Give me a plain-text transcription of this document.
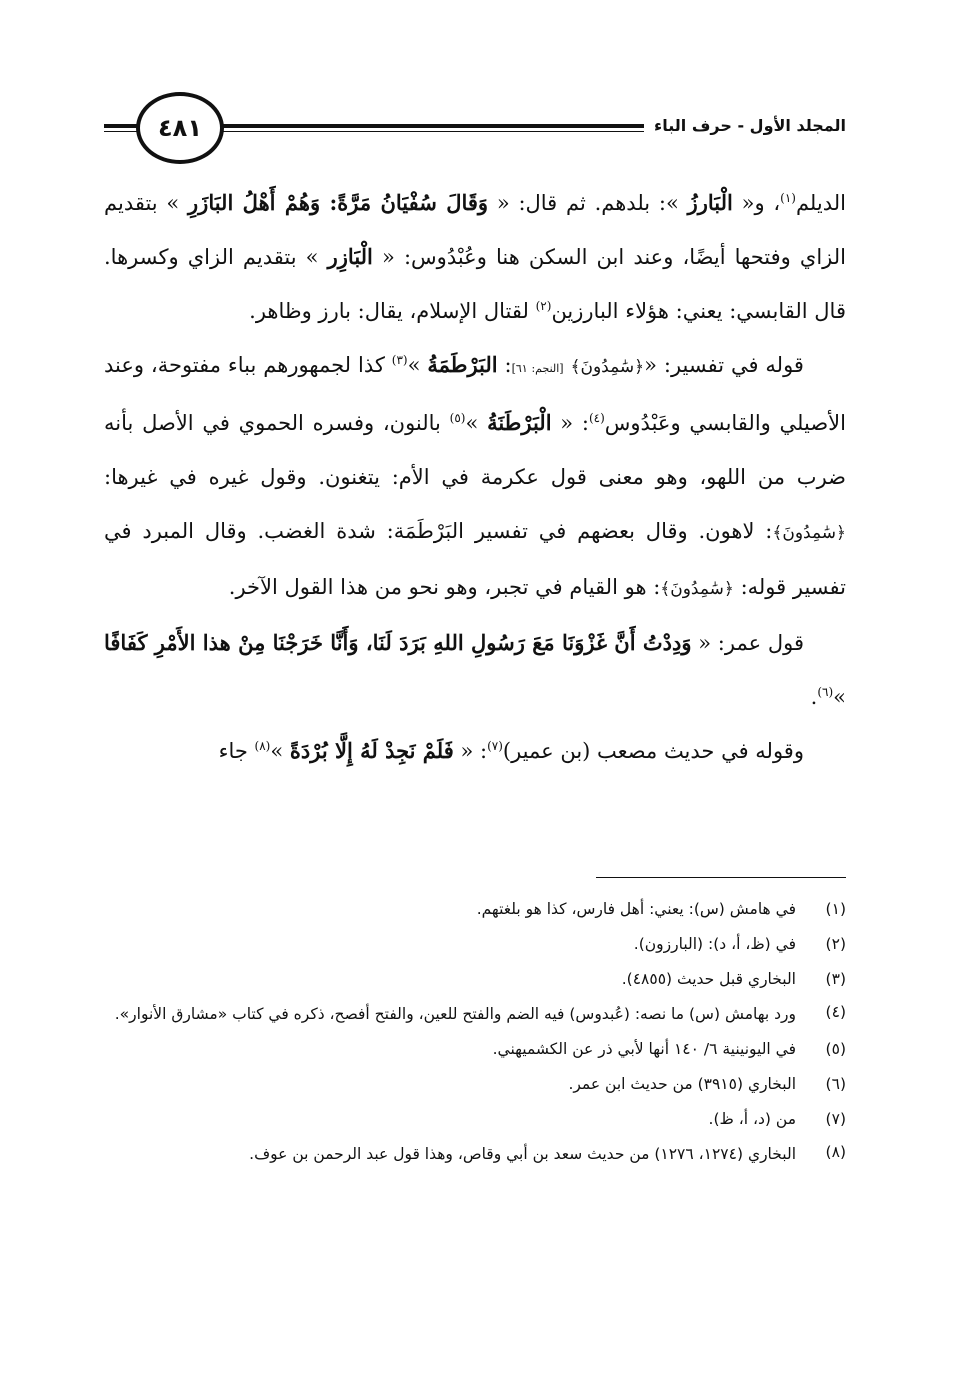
المجلد الأول - حرف الباء
٤٨١

الديلم$^{(١)}$، و« الْبَارزُ »: بلدهم. ثم قال: « وَقَالَ سُفْيَانُ مَرَّةً: وَهُمْ أَهْلُ البَازَرِ » بتقديم الزاي وفتحها أيضًا، وعند ابن السكن هنا وعُبْدُوس: « الْبَازِر » بتقديم الزاي وكسرها. قال القابسي: يعني: هؤلاء البارزين$^{(٢)}$ لقتال الإسلام، يقال: بارز وظاهر.

قوله في تفسير: «﴿سَٰمِدُونَ﴾ [النجم: ٦١]: البَرْطَمَةُ »$^{(٣)}$ كذا لجمهورهم بباء مفتوحة، وعند الأصيلي والقابسي وعَبْدُوس$^{(٤)}$: « الْبَرْطَنَةُ »$^{(٥)}$ بالنون، وفسره الحموي في الأصل بأنه ضرب من اللهو، وهو معنى قول عكرمة في الأم: يتغنون. وقول غيره في غيرها: ﴿سَٰمِدُونَ﴾: لاهون. وقال بعضهم في تفسير البَرْطَمَة: شدة الغضب. وقال المبرد في تفسير قوله: ﴿سَٰمِدُونَ﴾: هو القيام في تجبر، وهو نحو من هذا القول الآخر.

قول عمر: « وَدِدْتُ أَنَّ غَزْوَنَا مَعَ رَسُولِ اللهِ بَرَدَ لَنَا، وَأَنَّا خَرَجْنَا مِنْ هذا الأَمْرِ كَفَافًا »$^{(٦)}$.

وقوله في حديث مصعب (بن عمير)$^{(٧)}$: « فَلَمْ نَجِدْ لَهُ إِلَّا بُرْدَةً »$^{(٨)}$ جاء

(١)
في هامش (س): يعني: أهل فارس، كذا هو بلغتهم.
(٢)
في (ظ، أ، د): (البارزون).
(٣)
البخاري قبل حديث (٤٨٥٥).
(٤)
ورد بهامش (س) ما نصه: (عُبدوس) فيه الضم والفتح للعين، والفتح أفصح، ذكره في كتاب «مشارق الأنوار».
(٥)
في اليونينية ٦/ ١٤٠ أنها لأبي ذر عن الكشميهني.
(٦)
البخاري (٣٩١٥) من حديث ابن عمر.
(٧)
من (د، أ، ظ).
(٨)
البخاري (١٢٧٤، ١٢٧٦) من حديث سعد بن أبي وقاص، وهذا قول عبد الرحمن بن عوف.
